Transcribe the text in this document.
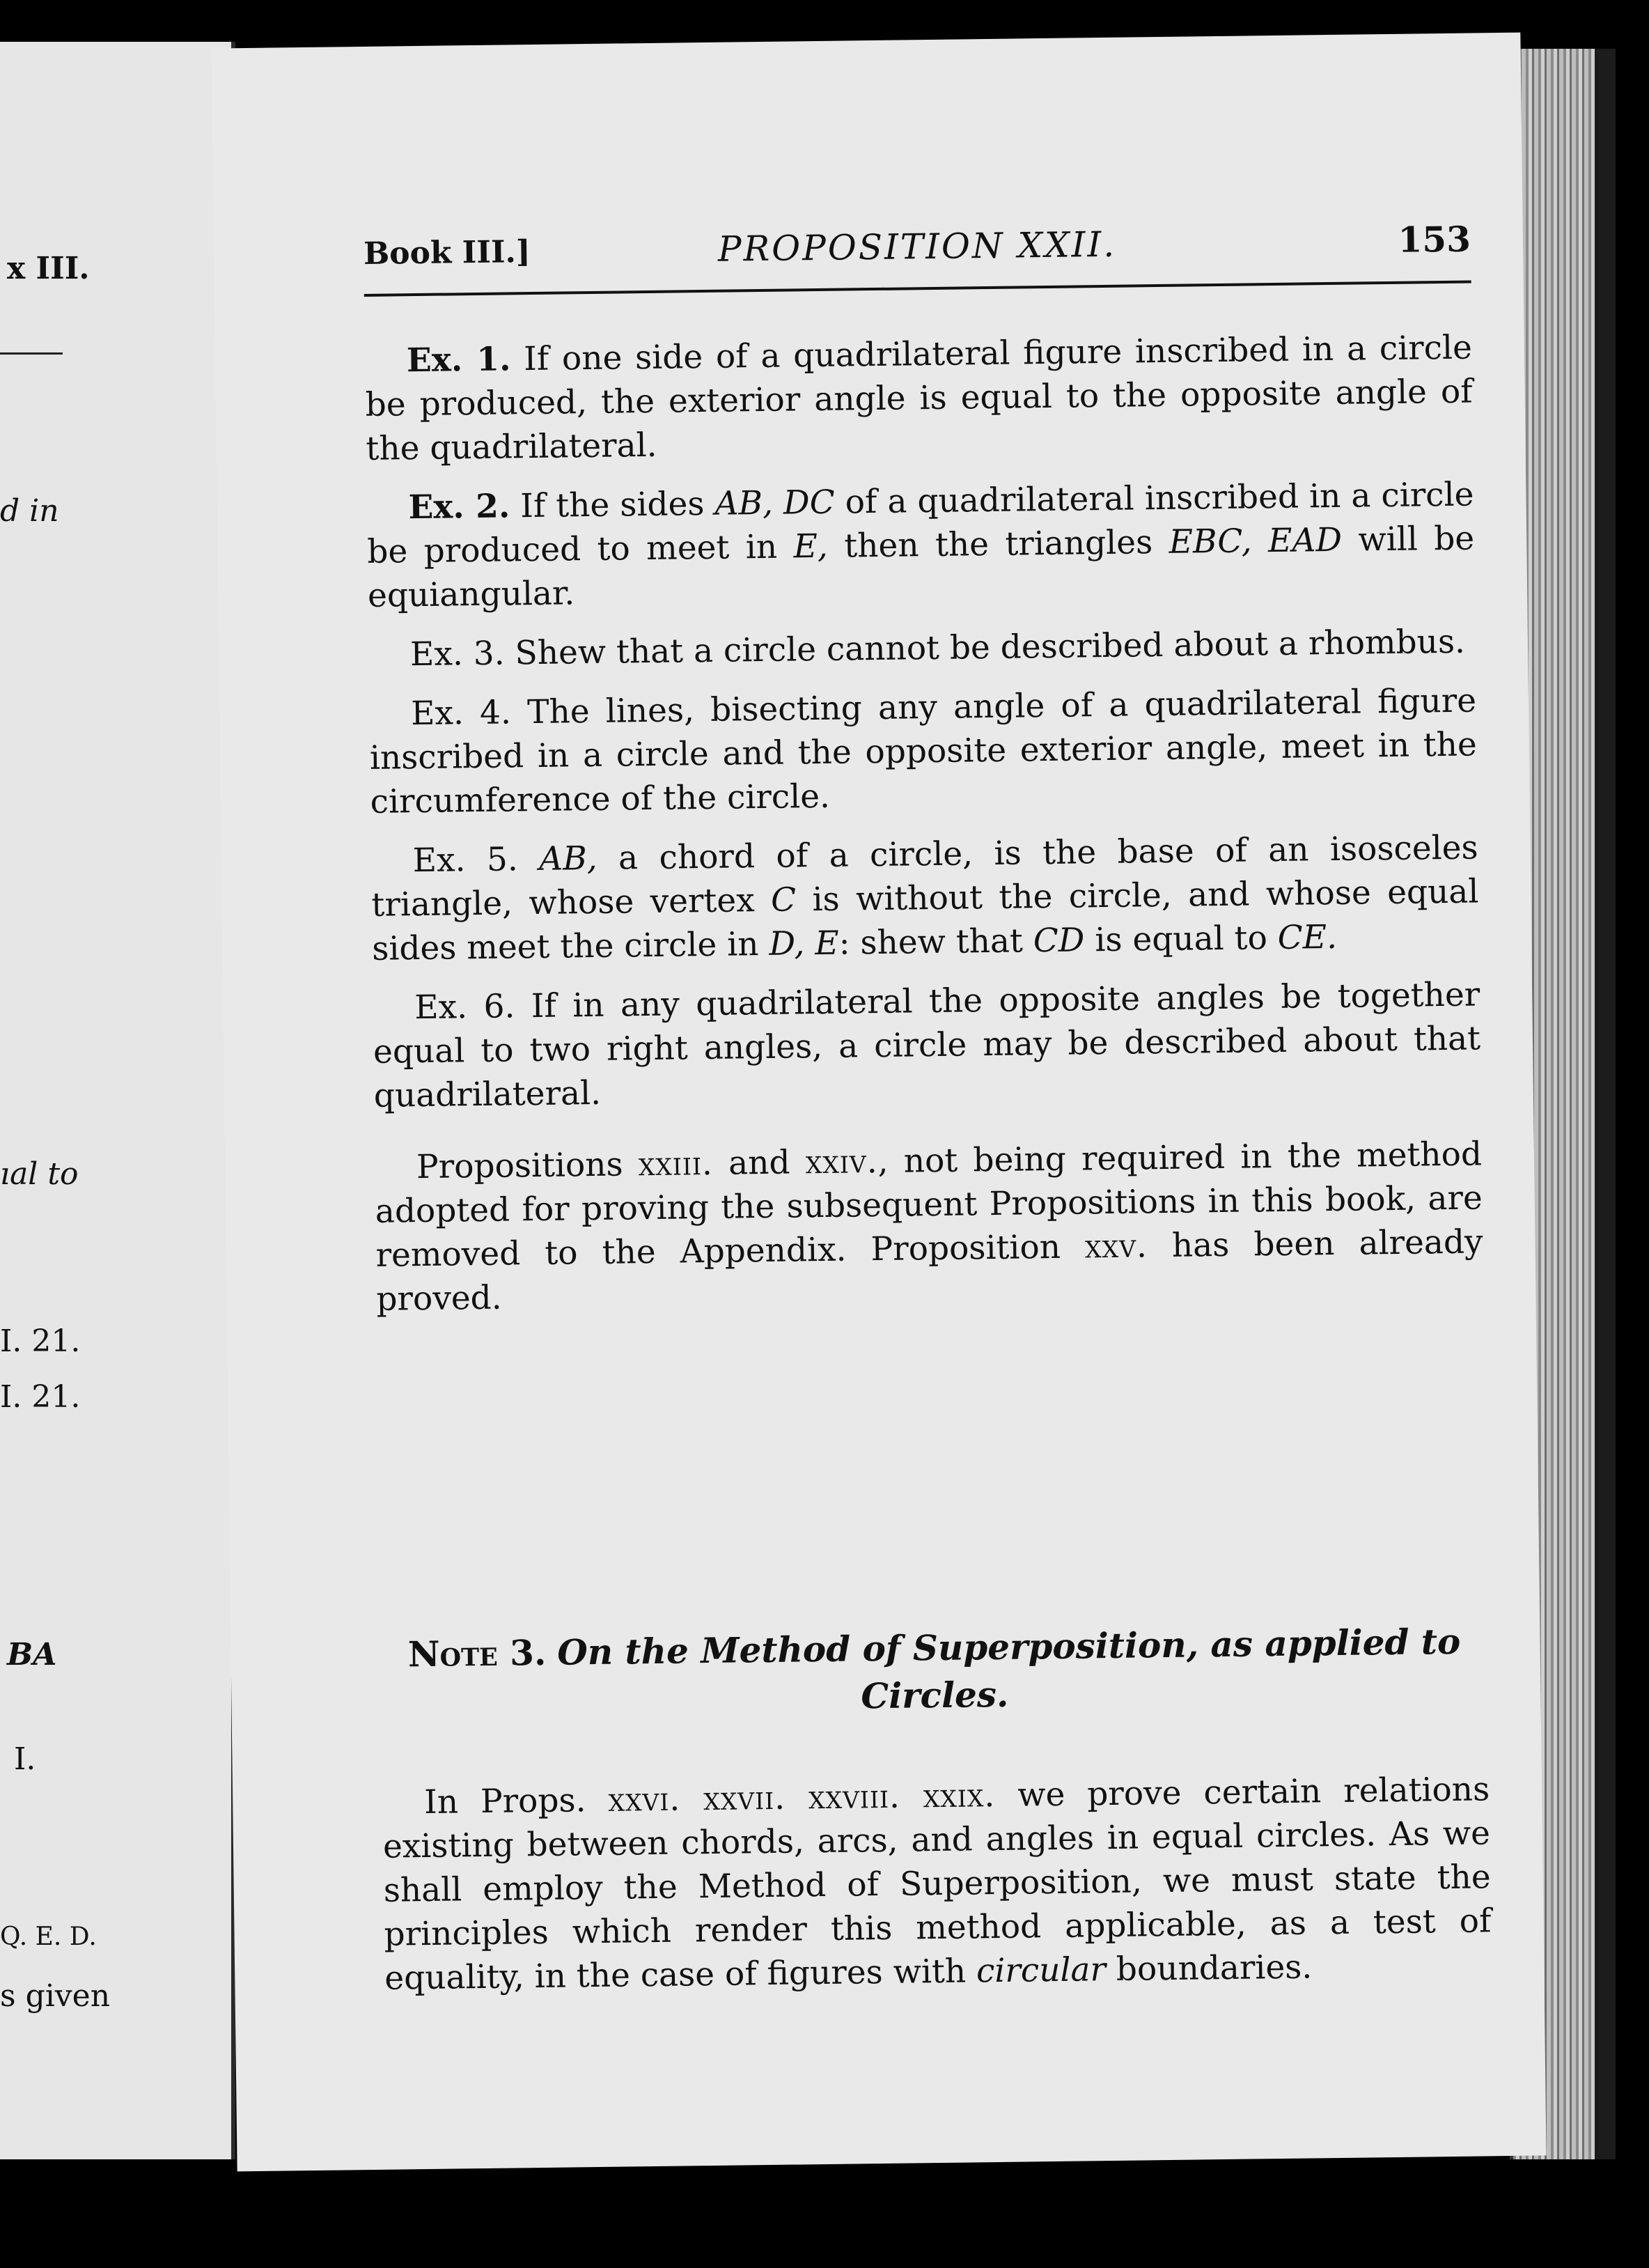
x III.
d in
ıal to
I. 21.
I. 21.
BA
I.
Q. E. D.
s given
Book III.]	PROPOSITION XXII.	153

Ex. 1. If one side of a quadrilateral figure inscribed in a circle be produced, the exterior angle is equal to the opposite angle of the quadrilateral.

Ex. 2. If the sides AB, DC of a quadrilateral inscribed in a circle be produced to meet in E, then the triangles EBC, EAD will be equiangular.

Ex. 3. Shew that a circle cannot be described about a rhombus.

Ex. 4. The lines, bisecting any angle of a quadrilateral figure inscribed in a circle and the opposite exterior angle, meet in the circumference of the circle.

Ex. 5. AB, a chord of a circle, is the base of an isosceles triangle, whose vertex C is without the circle, and whose equal sides meet the circle in D, E: shew that CD is equal to CE.

Ex. 6. If in any quadrilateral the opposite angles be together equal to two right angles, a circle may be described about that quadrilateral.

Propositions xxiii. and xxiv., not being required in the method adopted for proving the subsequent Propositions in this book, are removed to the Appendix. Proposition xxv. has been already proved.

Note 3. On the Method of Superposition, as applied to Circles.

In Props. xxvi. xxvii. xxviii. xxix. we prove certain relations existing between chords, arcs, and angles in equal circles. As we shall employ the Method of Superposition, we must state the principles which render this method applicable, as a test of equality, in the case of figures with circular boundaries.
